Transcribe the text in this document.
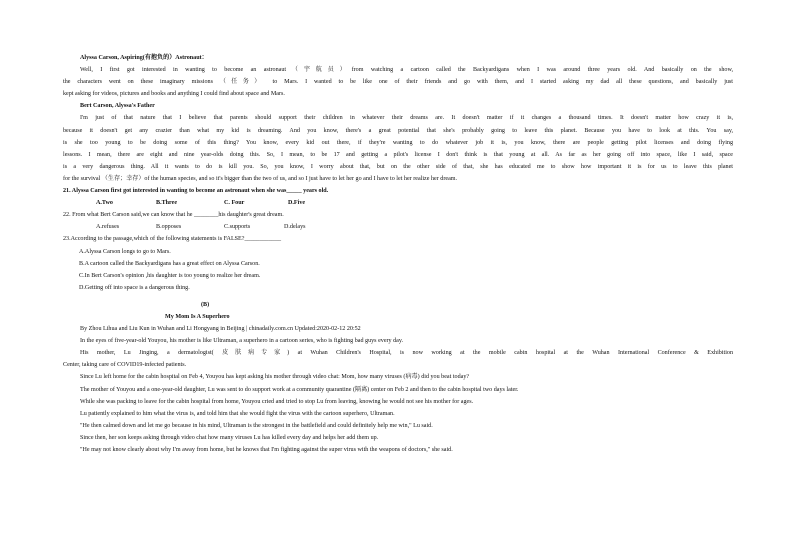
Alyssa Carson, Aspiring(有抱负的）Astronaut：
Well, I first got interested in wanting to become an astronaut（宇航员）from watching a cartoon called the Backyardigans when I was around three years old. And basically on the show,
the characters went on these imaginary missions （任务） to Mars. I wanted to be like one of their friends and go with them, and I started asking my dad all these questions, and basically just
kept asking for videos, pictures and books and anything I could find about space and Mars.
Bert Carson, Alyssa's Father
I'm just of that nature that I believe that parents should support their children in whatever their dreams are. It doesn't matter if it changes a thousand times. It doesn't matter how crazy it is,
because it doesn't get any crazier than what my kid is dreaming. And you know, there's a great potential that she's probably going to leave this planet. Because you have to look at this. You say,
is she too young to be doing some of this thing? You know, every kid out there, if they're wanting to do whatever job it is, you know, there are people getting pilot licenses and doing flying
lessons. I mean, there are eight and nine year-olds doing this. So, I mean, to be 17 and getting a pilot's license I don't think is that young at all. As far as her going off into space, like I said, space
is a very dangerous thing. All it wants to do is kill you. So, you know, I worry about that, but on the other side of that, she has educated me to show how important it is for us to leave this planet
for the survival （生存；幸存）of the human species, and so it's bigger than the two of us, and so I just have to let her go and I have to let her realize her dream.
21. Alyssa Carson first got interested in wanting to become an astronaut when she was_____ years old.
A.Two	B.Three	C. Four	D.Five
22. From what Bert Carson said,we can know that he ________his daughter's great dream.
A.refuses	B.opposes	C.supports	D.delays
23.According to the passage,which of the following statements is FALSE?____________
A.Alyssa Carson longs to go to Mars.
B.A cartoon called the Backyardigans has a great effect on Alyssa Carson.
C.In Bert Carson's opinion ,his daughter is too young to realize her dream.
D.Getting off into space is a dangerous thing.
(B)
My Mom Is A Superhero
By Zhou Lihua and Liu Kun in Wuhan and Li Hongyang in Beijing | chinadaily.com.cn Updated:2020-02-12 20:52
In the eyes of five-year-old Youyou, his mother is like Ultraman, a superhero in a cartoon series, who is fighting bad guys every day.
His mother, Lu Jinging, a dermatologist( 皮肤病专家) at Wuhan Children's Hospital, is now working at the mobile cabin hospital at the Wuhan International Conference & Exhibition
Center, taking care of COVID19-infected patients.
Since Lu left home for the cabin hospital on Feb 4, Youyou has kept asking his mother through video chat: Mom, how many viruses (病毒) did you beat today?
The mother of Youyou and a one-year-old daughter, Lu was sent to do support work at a community quarantine (隔离) center on Feb 2 and then to the cabin hospital two days later.
While she was packing to leave for the cabin hospital from home, Youyou cried and tried to stop Lu from leaving, knowing he would not see his mother for ages.
Lu patiently explained to him what the virus is, and told him that she would fight the virus with the cartoon superhero, Ultraman.
"He then calmed down and let me go because in his mind, Ultraman is the strongest in the battlefield and could definitely help me win," Lu said.
Since then, her son keeps asking through video chat how many viruses Lu has killed every day and helps her add them up.
"He may not know clearly about why I'm away from home, but he knows that I'm fighting against the super virus with the weapons of doctors," she said.
